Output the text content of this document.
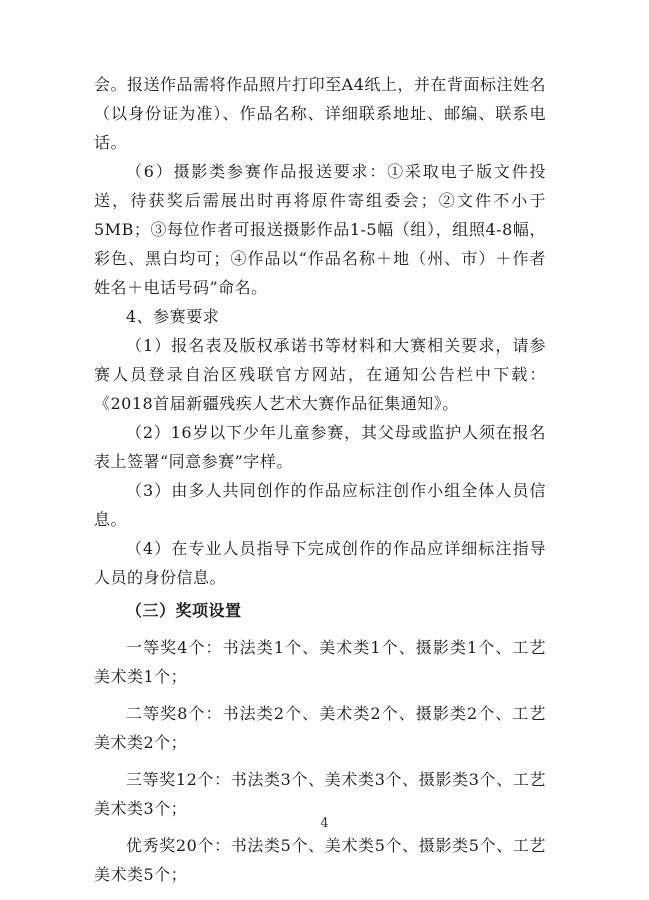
会。报送作品需将作品照片打印至A4纸上，并在背面标注姓名（以身份证为准）、作品名称、详细联系地址、邮编、联系电话。

（6）摄影类参赛作品报送要求：①采取电子版文件投送，待获奖后需展出时再将原件寄组委会；②文件不小于5MB；③每位作者可报送摄影作品1-5幅（组），组照4-8幅，彩色、黑白均可；④作品以“作品名称＋地（州、市）＋作者姓名＋电话号码”命名。

4、参赛要求

（1）报名表及版权承诺书等材料和大赛相关要求，请参赛人员登录自治区残联官方网站，在通知公告栏中下载：《2018首届新疆残疾人艺术大赛作品征集通知》。

（2）16岁以下少年儿童参赛，其父母或监护人须在报名表上签署“同意参赛”字样。

（3）由多人共同创作的作品应标注创作小组全体人员信息。

（4）在专业人员指导下完成创作的作品应详细标注指导人员的身份信息。

（三）奖项设置

一等奖4个：书法类1个、美术类1个、摄影类1个、工艺美术类1个；

二等奖8个：书法类2个、美术类2个、摄影类2个、工艺美术类2个；

三等奖12个：书法类3个、美术类3个、摄影类3个、工艺美术类3个；

优秀奖20个：书法类5个、美术类5个、摄影类5个、工艺美术类5个；

4
